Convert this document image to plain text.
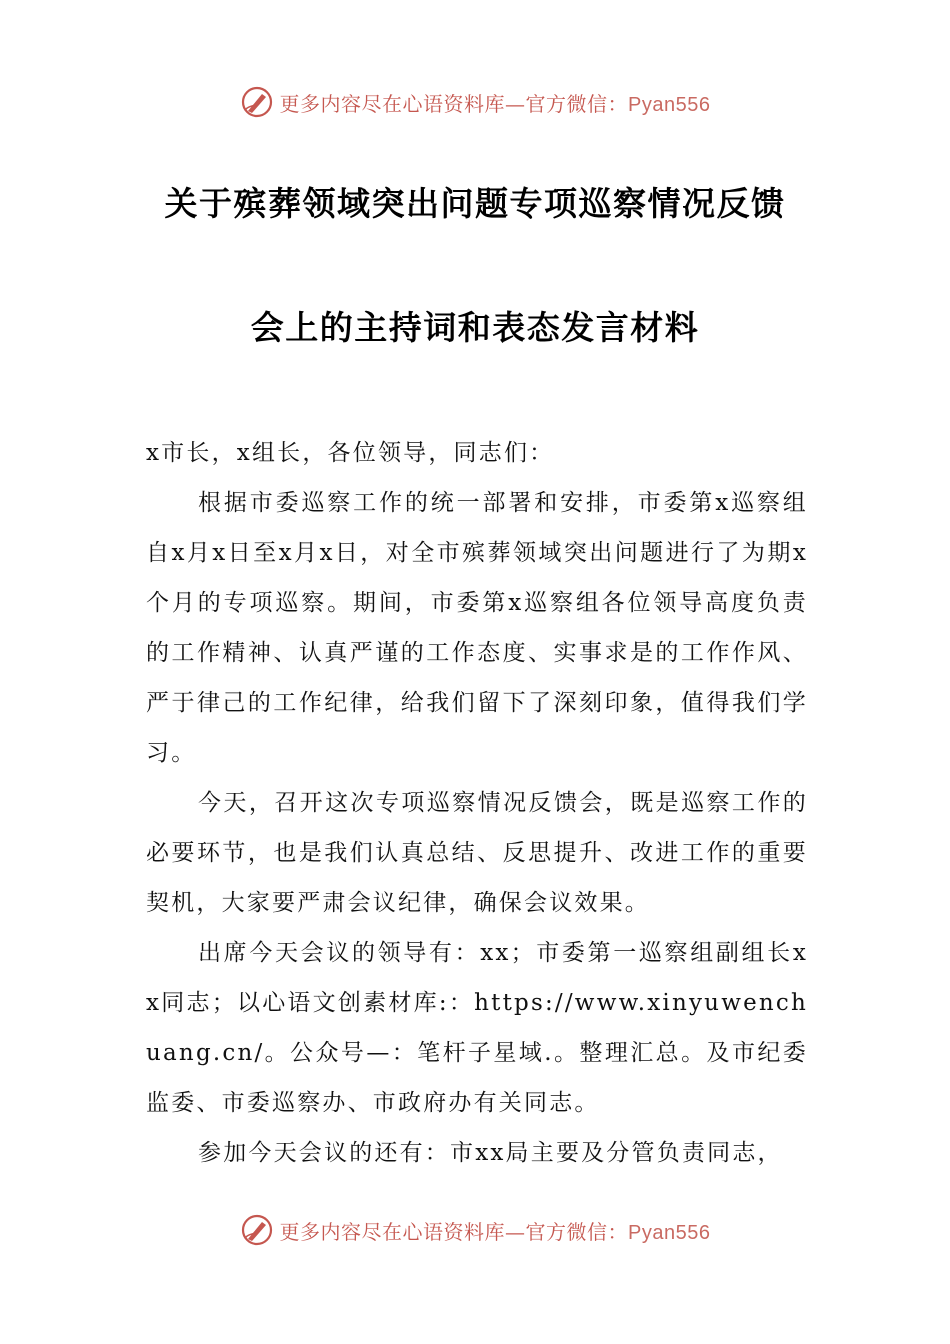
更多内容尽在心语资料库—官方微信：Pyan556
关于殡葬领域突出问题专项巡察情况反馈
会上的主持词和表态发言材料

x市长，x组长，各位领导，同志们：

根据市委巡察工作的统一部署和安排，市委第x巡察组自x月x日至x月x日，对全市殡葬领域突出问题进行了为期x个月的专项巡察。期间，市委第x巡察组各位领导高度负责的工作精神、认真严谨的工作态度、实事求是的工作作风、严于律己的工作纪律，给我们留下了深刻印象，值得我们学习。

今天，召开这次专项巡察情况反馈会，既是巡察工作的必要环节，也是我们认真总结、反思提升、改进工作的重要契机，大家要严肃会议纪律，确保会议效果。

出席今天会议的领导有：xx；市委第一巡察组副组长xx同志；以心语文创素材库:：https://www.xinyuwenchuang.cn/。公众号—：笔杆子星域.。整理汇总。及市纪委监委、市委巡察办、市政府办有关同志。

参加今天会议的还有：市xx局主要及分管负责同志，

更多内容尽在心语资料库—官方微信：Pyan556
